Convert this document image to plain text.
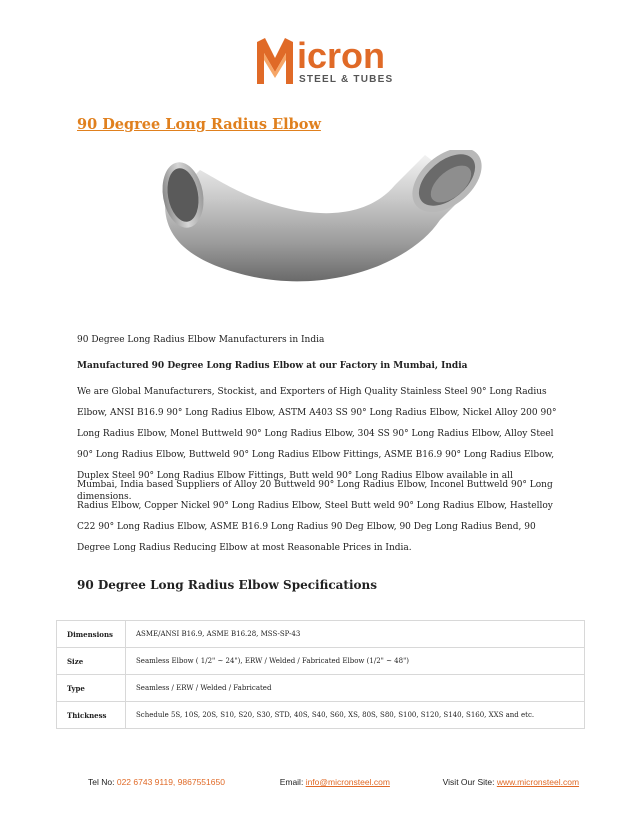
icron
STEEL & TUBES
90 Degree Long Radius Elbow

90 Degree Long Radius Elbow Manufacturers in India

Manufactured 90 Degree Long Radius Elbow at our Factory in Mumbai, India

We are Global Manufacturers, Stockist, and Exporters of High Quality Stainless Steel 90° Long Radius Elbow, ANSI B16.9 90° Long Radius Elbow, ASTM A403 SS 90° Long Radius Elbow, Nickel Alloy 200 90° Long Radius Elbow, Monel Buttweld 90° Long Radius Elbow, 304 SS 90° Long Radius Elbow, Alloy Steel 90° Long Radius Elbow, Buttweld 90° Long Radius Elbow Fittings, ASME B16.9 90° Long Radius Elbow, Duplex Steel 90° Long Radius Elbow Fittings, Butt weld 90° Long Radius Elbow available in all dimensions.

Mumbai, India based Suppliers of Alloy 20 Buttweld 90° Long Radius Elbow, Inconel Buttweld 90° Long Radius Elbow, Copper Nickel 90° Long Radius Elbow, Steel Butt weld 90° Long Radius Elbow, Hastelloy C22 90° Long Radius Elbow, ASME B16.9 Long Radius 90 Deg Elbow, 90 Deg Long Radius Bend, 90 Degree Long Radius Reducing Elbow at most Reasonable Prices in India.

90 Degree Long Radius Elbow Specifications
Dimensions	ASME/ANSI B16.9, ASME B16.28, MSS-SP-43
Size	Seamless Elbow ( 1/2" ~ 24"), ERW / Welded / Fabricated Elbow (1/2" ~ 48")
Type	Seamless / ERW / Welded / Fabricated
Thickness	Schedule 5S, 10S, 20S, S10, S20, S30, STD, 40S, S40, S60, XS, 80S, S80, S100, S120, S140, S160, XXS and etc.
Tel No: 022 6743 9119, 9867551650	Email: info@micronsteel.com	Visit Our Site: www.micronsteel.com
